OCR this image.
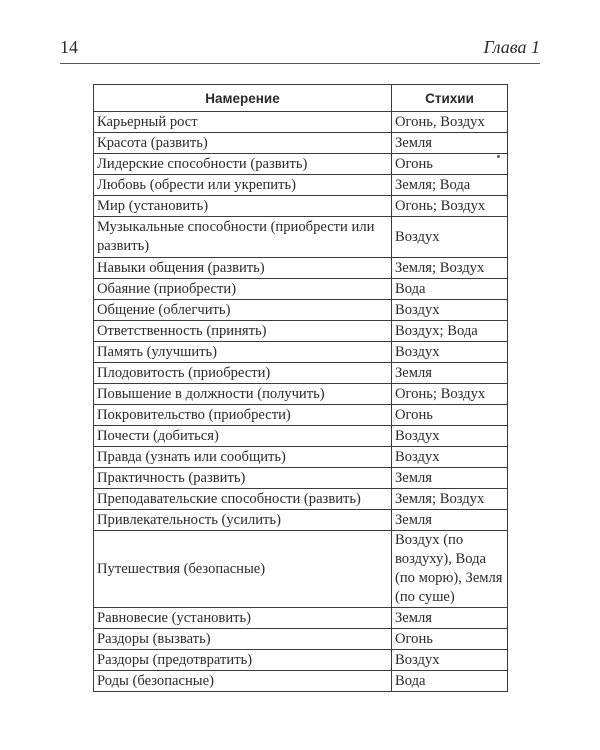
14	Глава 1
Намерение	Стихии
Карьерный рост	Огонь, Воздух
Красота (развить)	Земля
Лидерские способности (развить)	Огонь
Любовь (обрести или укрепить)	Земля; Вода
Мир (установить)	Огонь; Воздух
Музыкальные способности (приобрести или развить)	Воздух
Навыки общения (развить)	Земля; Воздух
Обаяние (приобрести)	Вода
Общение (облегчить)	Воздух
Ответственность (принять)	Воздух; Вода
Память (улучшить)	Воздух
Плодовитость (приобрести)	Земля
Повышение в должности (получить)	Огонь; Воздух
Покровительство (приобрести)	Огонь
Почести (добиться)	Воздух
Правда (узнать или сообщить)	Воздух
Практичность (развить)	Земля
Преподавательские способности (развить)	Земля; Воздух
Привлекательность (усилить)	Земля
Путешествия (безопасные)	Воздух (по воздуху), Вода (по морю), Земля (по суше)
Равновесие (установить)	Земля
Раздоры (вызвать)	Огонь
Раздоры (предотвратить)	Воздух
Роды (безопасные)	Вода
